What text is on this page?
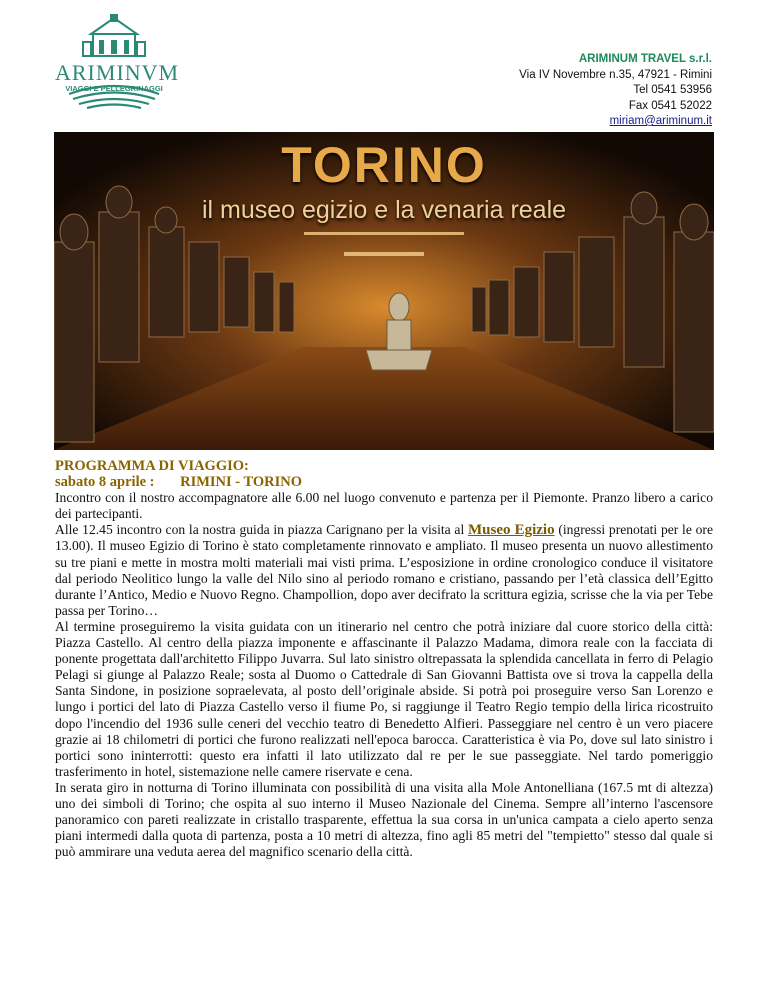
ARIMINVM
VIAGGI E PELLEGRINAGGI
ARIMINUM TRAVEL s.r.l.
Via IV Novembre n.35, 47921 - Rimini
Tel 0541 53956
Fax 0541 52022
miriam@ariminum.it
TORINO
il museo egizio e la venaria reale
PROGRAMMA DI VIAGGIO:
sabato 8 aprile : RIMINI - TORINO

Incontro con il nostro accompagnatore alle 6.00 nel luogo convenuto e partenza per il Piemonte. Pranzo libero a carico dei partecipanti.

Alle 12.45 incontro con la nostra guida in piazza Carignano per la visita al Museo Egizio (ingressi prenotati per le ore 13.00). Il museo Egizio di Torino è stato completamente rinnovato e ampliato. Il museo presenta un nuovo allestimento su tre piani e mette in mostra molti materiali mai visti prima. L’esposizione in ordine cronologico conduce il visitatore dal periodo Neolitico lungo la valle del Nilo sino al periodo romano e cristiano, passando per l’età classica dell’Egitto durante l’Antico, Medio e Nuovo Regno. Champollion, dopo aver decifrato la scrittura egizia, scrisse che la via per Tebe passa per Torino…

Al termine proseguiremo la visita guidata con un itinerario nel centro che potrà iniziare dal cuore storico della città: Piazza Castello. Al centro della piazza imponente e affascinante il Palazzo Madama, dimora reale con la facciata di ponente progettata dall'architetto Filippo Juvarra. Sul lato sinistro oltrepassata la splendida cancellata in ferro di Pelagio Pelagi si giunge al Palazzo Reale; sosta al Duomo o Cattedrale di San Giovanni Battista ove si trova la cappella della Santa Sindone, in posizione sopraelevata, al posto dell’originale abside. Si potrà poi proseguire verso San Lorenzo e lungo i portici del lato di Piazza Castello verso il fiume Po, si raggiunge il Teatro Regio tempio della lirica ricostruito dopo l'incendio del 1936 sulle ceneri del vecchio teatro di Benedetto Alfieri. Passeggiare nel centro è un vero piacere grazie ai 18 chilometri di portici che furono realizzati nell'epoca barocca. Caratteristica è via Po, dove sul lato sinistro i portici sono ininterrotti: questo era infatti il lato utilizzato dal re per le sue passeggiate. Nel tardo pomeriggio trasferimento in hotel, sistemazione nelle camere riservate e cena.

In serata giro in notturna di Torino illuminata con possibilità di una visita alla Mole Antonelliana (167.5 mt di altezza) uno dei simboli di Torino; che ospita al suo interno il Museo Nazionale del Cinema. Sempre all’interno l'ascensore panoramico con pareti realizzate in cristallo trasparente, effettua la sua corsa in un'unica campata a cielo aperto senza piani intermedi dalla quota di partenza, posta a 10 metri di altezza, fino agli 85 metri del "tempietto" stesso dal quale si può ammirare una veduta aerea del magnifico scenario della città.
